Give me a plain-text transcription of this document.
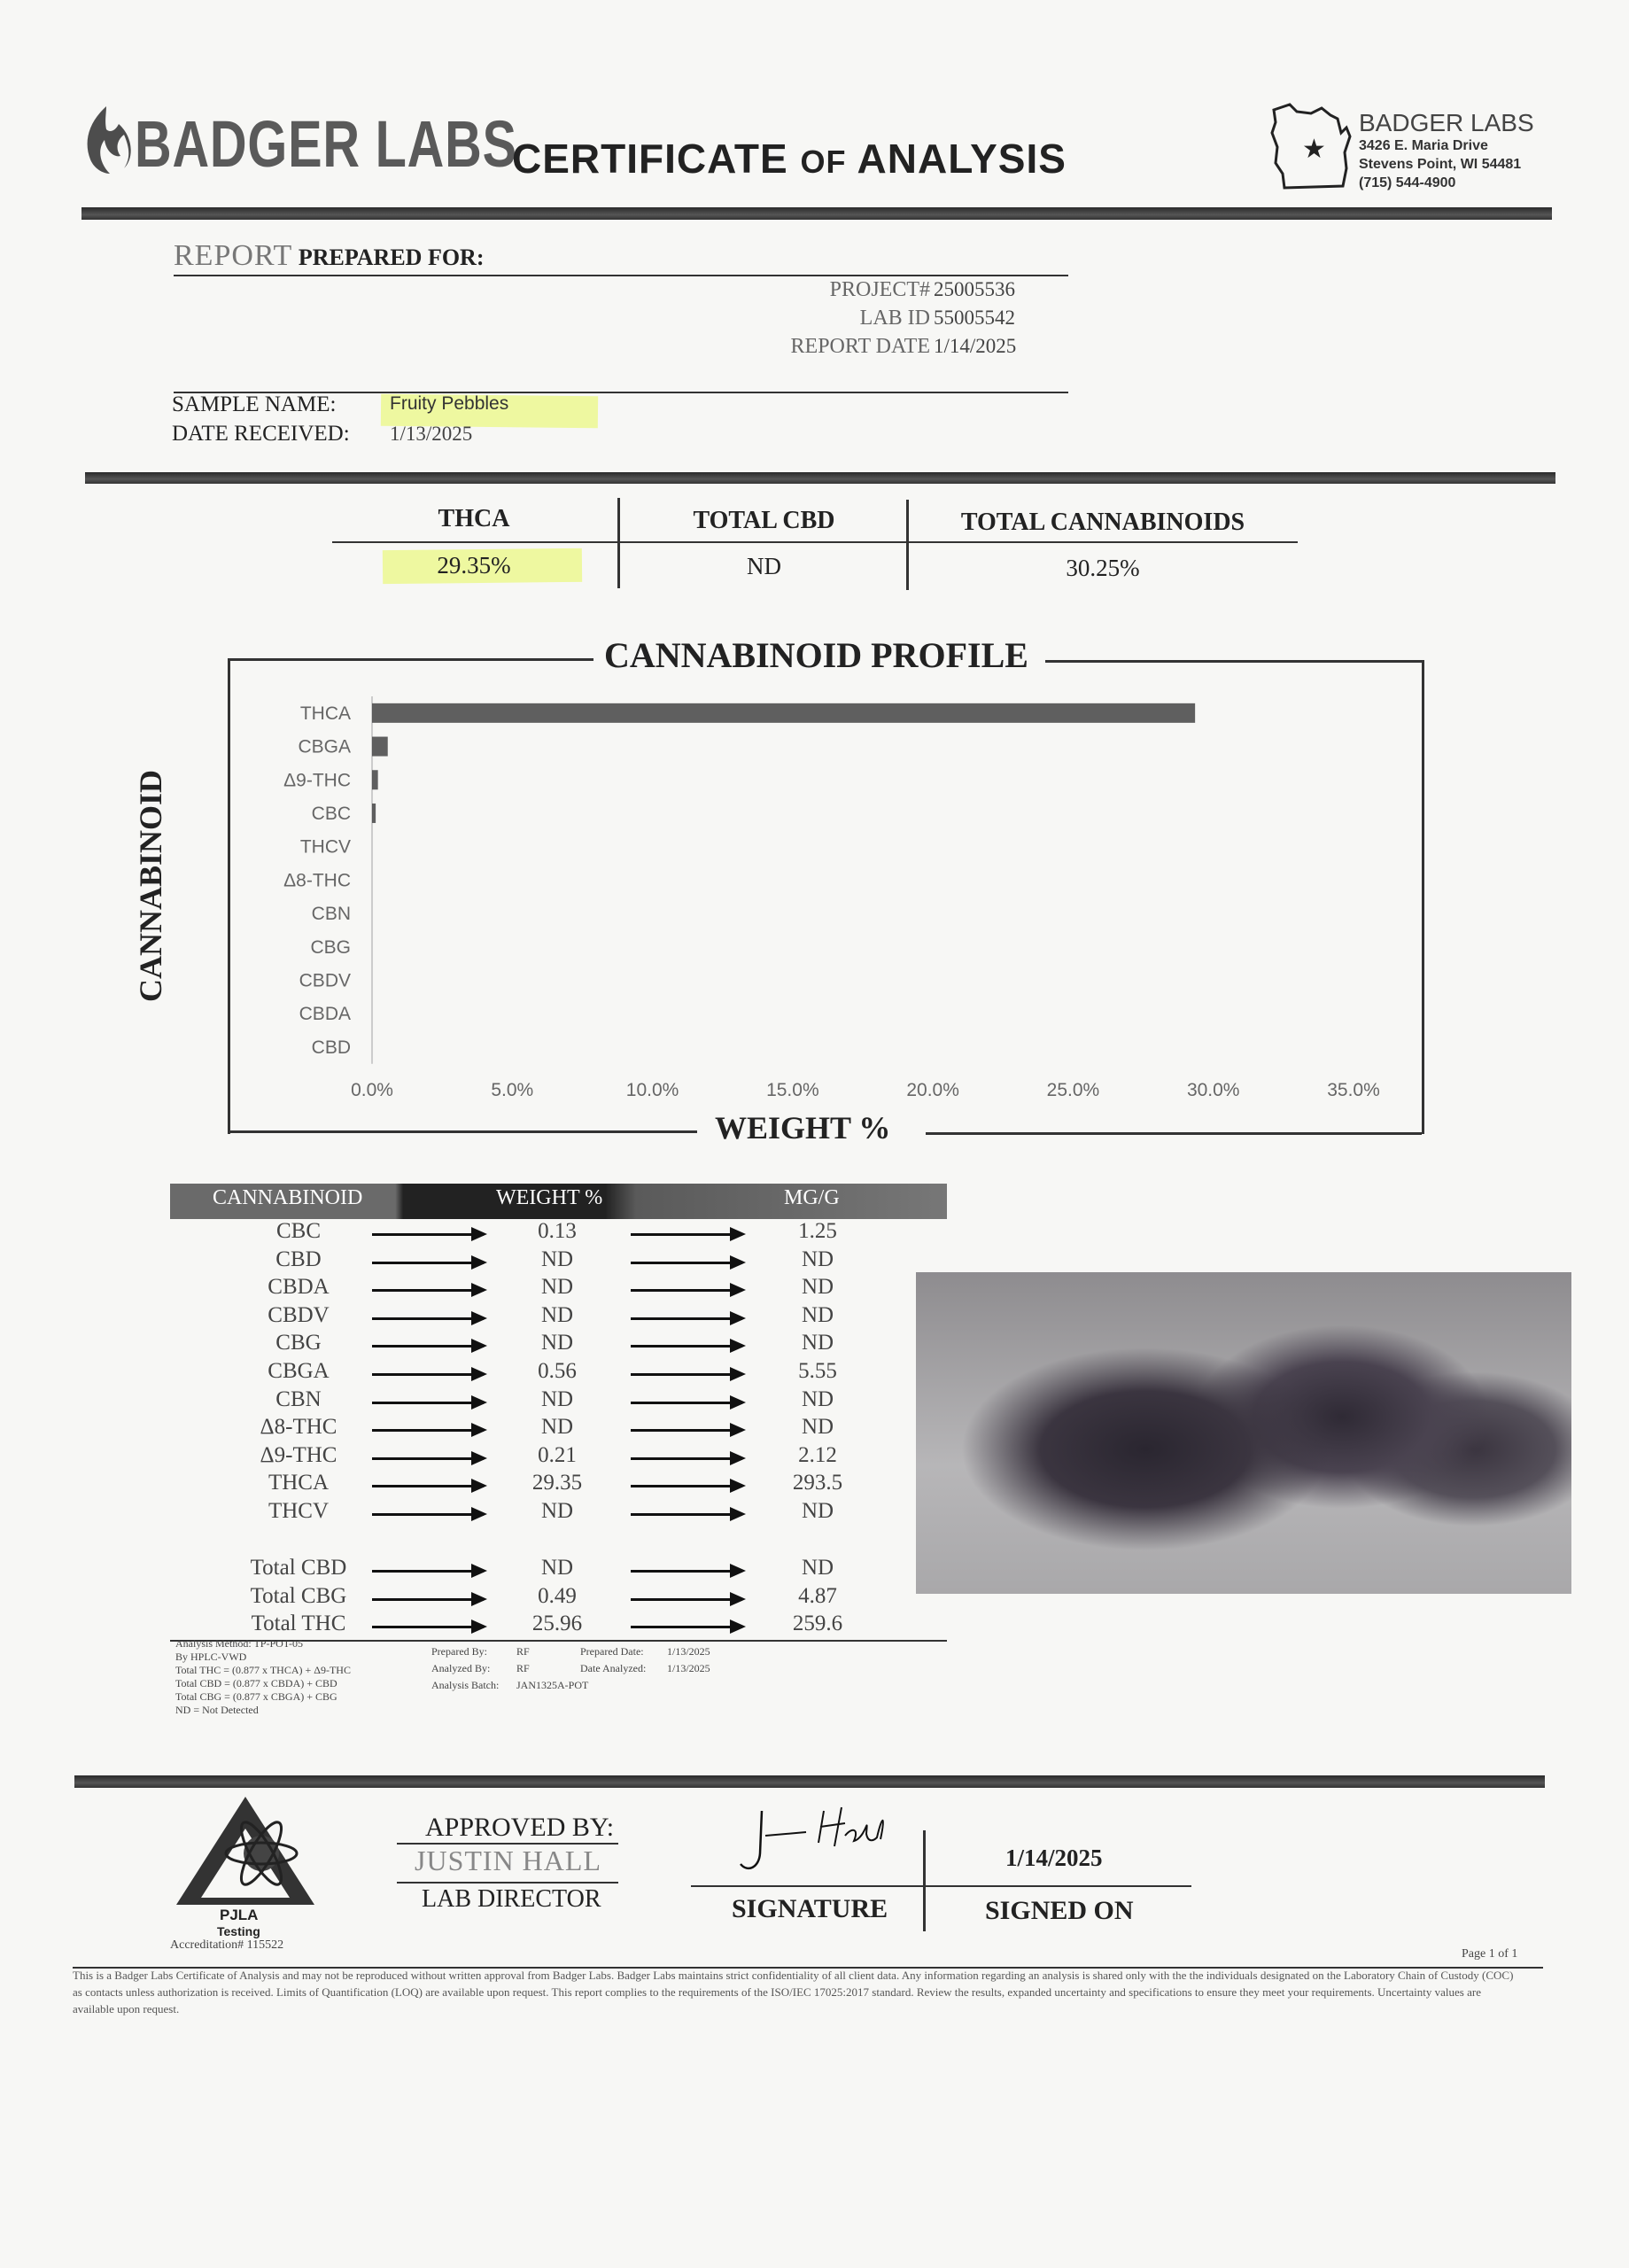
BADGER LABS
CERTIFICATE OF ANALYSIS	★
BADGER LABS
3426 E. Maria Drive
Stevens Point, WI 54481
(715) 544-4900
REPORT PREPARED FOR:
PROJECT# 25005536
LAB ID 55005542
REPORT DATE 1/14/2025
SAMPLE NAME:	Fruity Pebbles
DATE RECEIVED: 1/13/2025
THCA	TOTAL CBD	TOTAL CANNABINOIDS
29.35%	ND	30.25%
CANNABINOID PROFILE
WEIGHT %
CANNABINOID
THCA
CBGA
Δ9-THC
CBC
THCV
Δ8-THC
CBN
CBG
CBDV
CBDA
CBD
0.0%	5.0%	10.0%	15.0%	20.0%	25.0%	30.0%	35.0%
CANNABINOID	WEIGHT %	MG/G
CBC	0.13	1.25
CBD	ND	ND
CBDA	ND	ND
CBDV	ND	ND
CBG	ND	ND
CBGA	0.56	5.55
CBN	ND	ND
Δ8-THC	ND	ND
Δ9-THC	0.21	2.12
THCA	29.35	293.5
THCV	ND	ND
Total CBD	ND	ND
Total CBG	0.49	4.87
Total THC	25.96	259.6
Analysis Method: TP-POT-05
By HPLC-VWD
Total THC = (0.877 x THCA) + Δ9-THC
Total CBD = (0.877 x CBDA) + CBD
Total CBG = (0.877 x CBGA) + CBG
ND = Not Detected
Prepared By:	RF
Analyzed By: RF
Analysis Batch: JAN1325A-POT
Prepared Date: 1/13/2025
Date Analyzed: 1/13/2025
PJLA
Testing
Accreditation# 115522
APPROVED BY:
JUSTIN HALL
LAB DIRECTOR
1/14/2025
SIGNATURE	SIGNED ON
Page 1 of 1
This is a Badger Labs Certificate of Analysis and may not be reproduced without written approval from Badger Labs. Badger Labs maintains strict confidentiality of all client data. Any information regarding an analysis is shared only with the the individuals designated on the Laboratory Chain of Custody (COC) as contacts unless authorization is received. Limits of Quantification (LOQ) are available upon request. This report complies to the requirements of the ISO/IEC 17025:2017 standard. Review the results, expanded uncertainty and specifications to ensure they meet your requirements. Uncertainty values are available upon request.
